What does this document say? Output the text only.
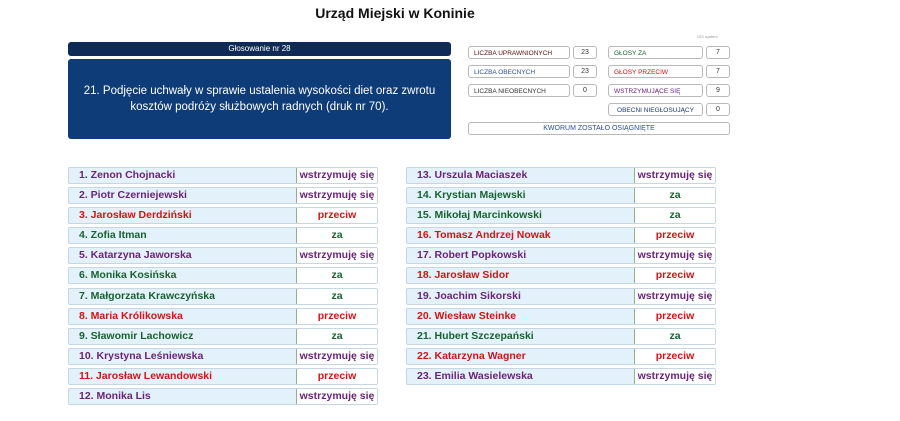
Urząd Miejski w Koninie
Głosowanie nr 28
21. Podjęcie uchwały w sprawie ustalenia wysokości diet oraz zwrotu kosztów podróży służbowych radnych (druk nr 70).
GIS system
LICZBA UPRAWNIONYCH	23
LICZBA OBECNYCH	23
LICZBA NIEOBECNYCH	0
GŁOSY ZA	7
GŁOSY PRZECIW	7
WSTRZYMUJĄCE SIĘ	9
OBECNI NIEGŁOSUJĄCY	0
KWORUM ZOSTAŁO OSIĄGNIĘTE
1. Zenon Chojnacki	wstrzymuję się
2. Piotr Czerniejewski	wstrzymuję się
3. Jarosław Derdziński	przeciw
4. Zofia Itman	za
5. Katarzyna Jaworska	wstrzymuję się
6. Monika Kosińska	za
7. Małgorzata Krawczyńska	za
8. Maria Królikowska	przeciw
9. Sławomir Lachowicz	za
10. Krystyna Leśniewska	wstrzymuję się
11. Jarosław Lewandowski	przeciw
12. Monika Lis	wstrzymuję się
13. Urszula Maciaszek	wstrzymuję się
14. Krystian Majewski	za
15. Mikołaj Marcinkowski	za
16. Tomasz Andrzej Nowak	przeciw
17. Robert Popkowski	wstrzymuję się
18. Jarosław Sidor	przeciw
19. Joachim Sikorski	wstrzymuję się
20. Wiesław Steinke	przeciw
21. Hubert Szczepański	za
22. Katarzyna Wagner	przeciw
23. Emilia Wasielewska	wstrzymuję się
